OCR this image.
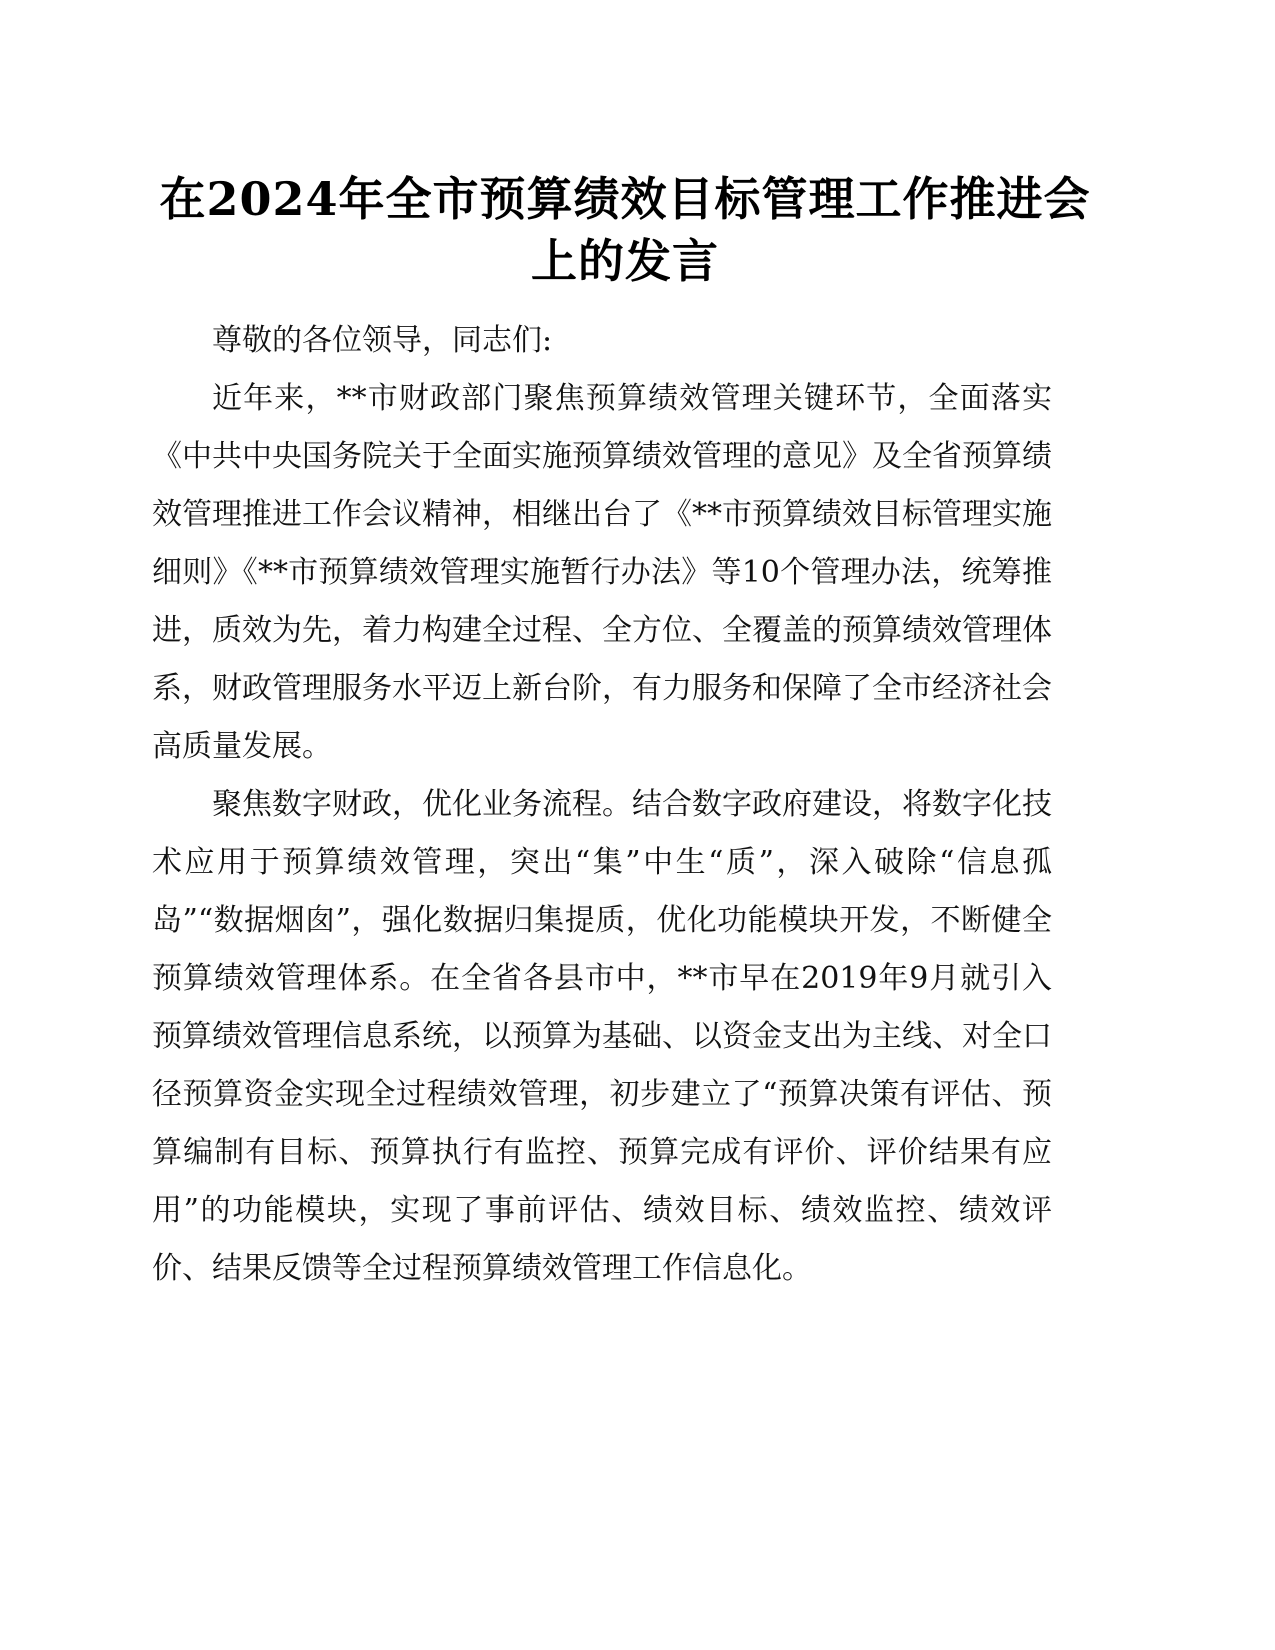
在2024年全市预算绩效目标管理工作推进会上的发言

尊敬的各位领导，同志们:

近年来，**市财政部门聚焦预算绩效管理关键环节，全面落实《中共中央国务院关于全面实施预算绩效管理的意见》及全省预算绩效管理推进工作会议精神，相继出台了《**市预算绩效目标管理实施细则》《**市预算绩效管理实施暂行办法》等10个管理办法，统筹推进，质效为先，着力构建全过程、全方位、全覆盖的预算绩效管理体系，财政管理服务水平迈上新台阶，有力服务和保障了全市经济社会高质量发展。

聚焦数字财政，优化业务流程。结合数字政府建设，将数字化技术应用于预算绩效管理，突出“集”中生“质”，深入破除“信息孤岛”“数据烟囱”，强化数据归集提质，优化功能模块开发，不断健全预算绩效管理体系。在全省各县市中，**市早在2019年9月就引入预算绩效管理信息系统，以预算为基础、以资金支出为主线、对全口径预算资金实现全过程绩效管理，初步建立了“预算决策有评估、预算编制有目标、预算执行有监控、预算完成有评价、评价结果有应用”的功能模块，实现了事前评估、绩效目标、绩效监控、绩效评价、结果反馈等全过程预算绩效管理工作信息化。
